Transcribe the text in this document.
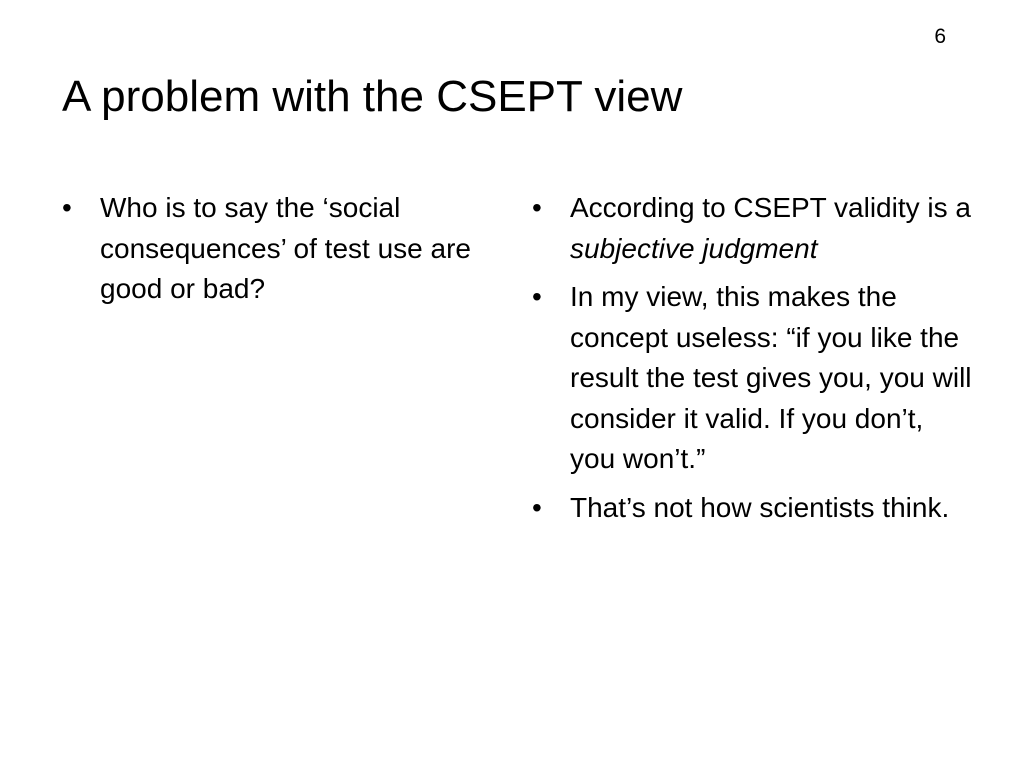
6
A problem with the CSEPT view
• Who is to say the ‘social consequences’ of test use are good or bad?
• According to CSEPT validity is a subjective judgment
• In my view, this makes the concept useless: “if you like the result the test gives you, you will consider it valid. If you don’t, you won’t.”
• That’s not how scientists think.
